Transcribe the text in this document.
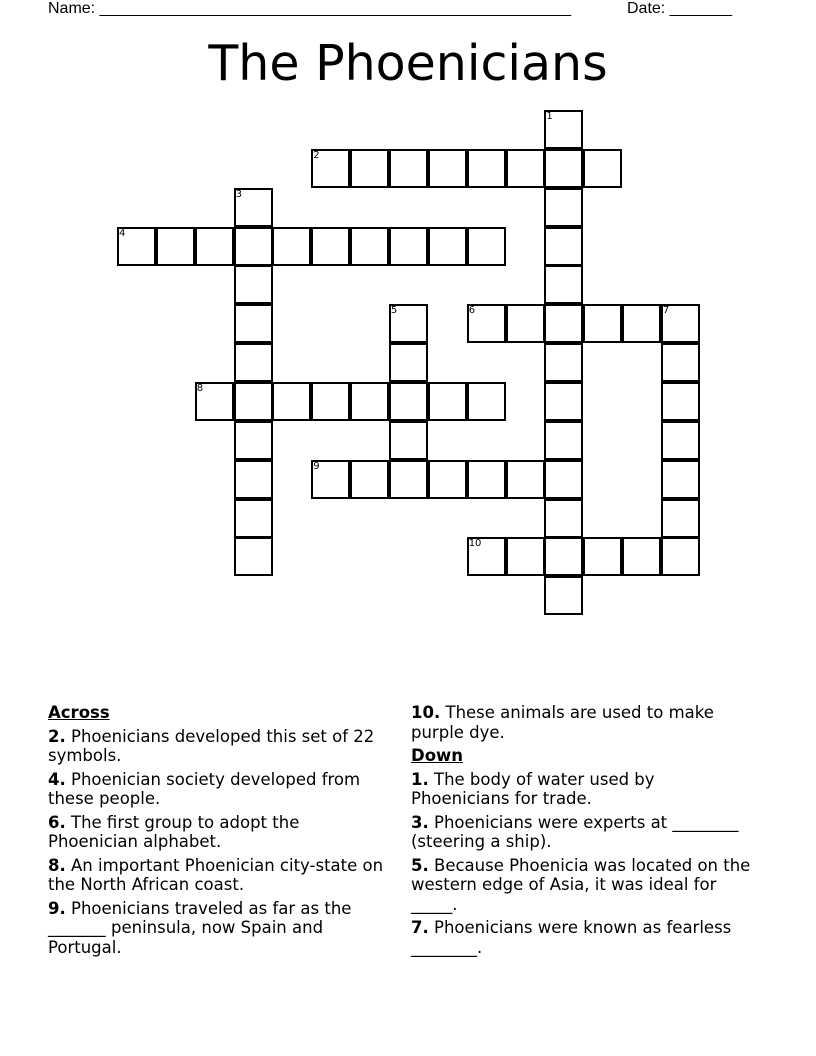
Name: _____________________________________________________	Date: _______
The Phoenicians
1
2
3
4
5	6	7
8
9
10
Across
2. Phoenicians developed this set of 22 symbols.
4. Phoenician society developed from these people.
6. The first group to adopt the Phoenician alphabet.
8. An important Phoenician city-state on the North African coast.
9. Phoenicians traveled as far as the _______ peninsula, now Spain and Portugal.
10. These animals are used to make purple dye.
Down
1. The body of water used by Phoenicians for trade.
3. Phoenicians were experts at ________ (steering a ship).
5. Because Phoenicia was located on the western edge of Asia, it was ideal for _____.
7. Phoenicians were known as fearless ________.
